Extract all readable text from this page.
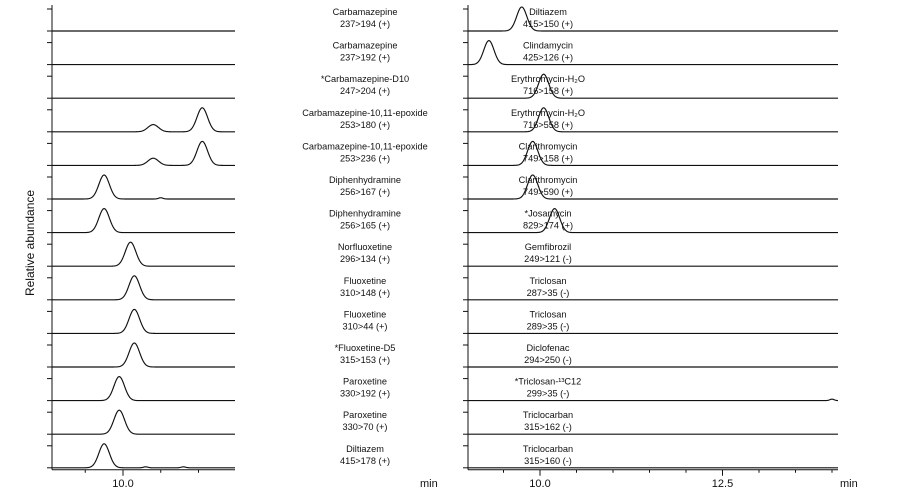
Relative abundance
Carbamazepine
237>194 (+)
Carbamazepine
237>192 (+)
*Carbamazepine-D10
247>204 (+)
Carbamazepine-10,11-epoxide
253>180 (+)
Carbamazepine-10,11-epoxide
253>236 (+)
Diphenhydramine
256>167 (+)
Diphenhydramine
256>165 (+)
Norfluoxetine
296>134 (+)
Fluoxetine
310>148 (+)
Fluoxetine
310>44 (+)
*Fluoxetine-D5
315>153 (+)
Paroxetine
330>192 (+)
Paroxetine
330>70 (+)
Diltiazem
415>178 (+)
10.0	min
Diltiazem
415>150 (+)
Clindamycin
425>126 (+)
Erythromycin-H₂O
716>158 (+)
Erythromycin-H₂O
716>558 (+)
Clarithromycin
749>158 (+)
Clarithromycin
749>590 (+)
*Josamycin
829>174 (+)
Gemfibrozil
249>121 (-)
Triclosan
287>35 (-)
Triclosan
289>35 (-)
Diclofenac
294>250 (-)
*Triclosan-¹³C12
299>35 (-)
Triclocarban
315>162 (-)
Triclocarban
315>160 (-)
10.0	12.5	min
